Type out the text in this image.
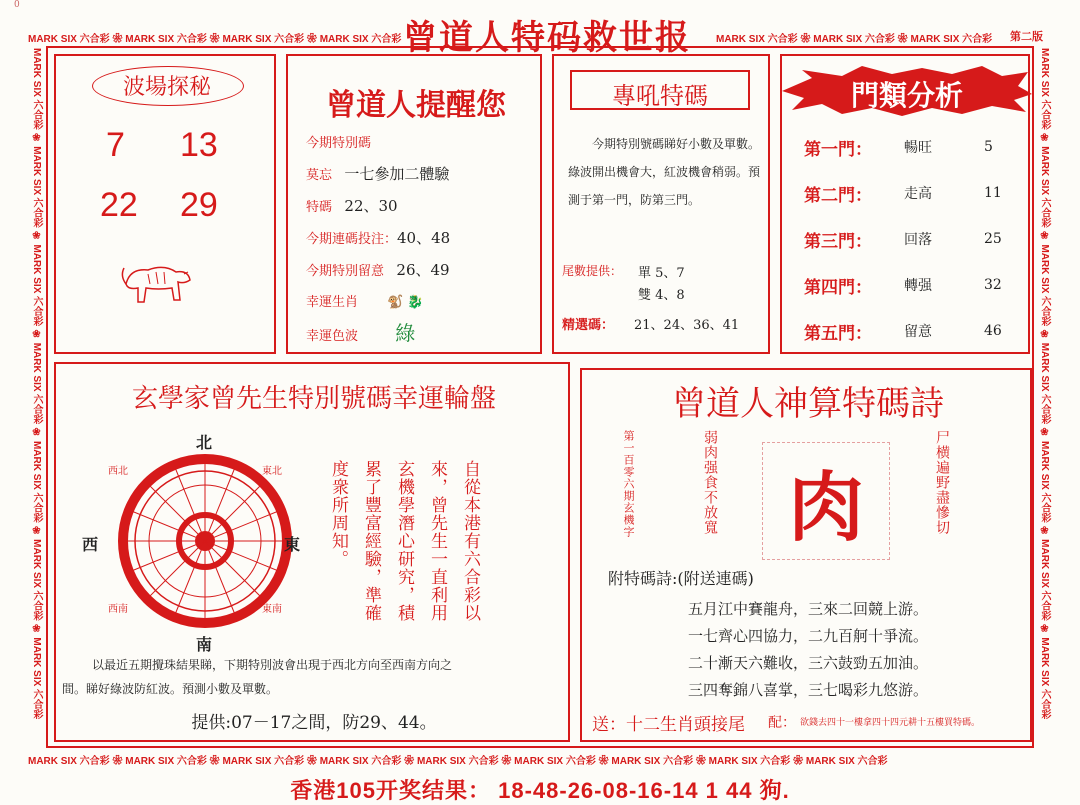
0
MARK SIX 六合彩 ❀ MARK SIX 六合彩 ❀ MARK SIX 六合彩 ❀ MARK SIX 六合彩 曾道人特码救世报	MARK SIX 六合彩 ❀ MARK SIX 六合彩 ❀ MARK SIX 六合彩	第二版
MARK SIX 六合彩 ❀ MARK SIX 六合彩 ❀ MARK SIX 六合彩 ❀ MARK SIX 六合彩 ❀ MARK SIX 六合彩 ❀ MARK SIX 六合彩 ❀ MARK SIX 六合彩
MARK SIX 六合彩 ❀ MARK SIX 六合彩 ❀ MARK SIX 六合彩 ❀ MARK SIX 六合彩 ❀ MARK SIX 六合彩 ❀ MARK SIX 六合彩 ❀ MARK SIX 六合彩
MARK SIX 六合彩 ❀ MARK SIX 六合彩 ❀ MARK SIX 六合彩 ❀ MARK SIX 六合彩 ❀ MARK SIX 六合彩 ❀ MARK SIX 六合彩 ❀ MARK SIX 六合彩 ❀ MARK SIX 六合彩 ❀ MARK SIX 六合彩
波場探秘
7 13
22 29
曾道人提醒您
今期特別碼
莫忘 一七參加二體驗
特碼 22、30
今期連碼投注：40、48
今期特別留意 26、49
幸運生肖 🐒 🐉
幸運色波 綠
專吼特碼
今期特別號碼睇好小數及單數。綠波開出機會大，紅波機會稍弱。預測于第一門，防第三門。
尾數提供： 單 5、7
雙 4、8
精選碼： 21、24、36、41
門類分析
第一門：	暢旺	5
第二門：	走高	11
第三門：	回落	25
第四門：	轉强	32
第五門：	留意	46
玄學家曾先生特別號碼幸運輪盤
北
南
東
西
西北	東北
西南	東南	自從本港有六合彩以
來，曾先生一直利用
玄機學潛心研究，積
累了豐富經驗，準確
度衆所周知。
以最近五期攪珠結果睇，下期特別波會出現于西北方向至西南方向之
間。睇好綠波防紅波。預測小數及單數。
提供:07－17之間，防29、44。
曾道人神算特碼詩
第一百零六期玄機字	弱肉强食不放寬 肉	尸横遍野盡慘切
附特碼詩:(附送連碼)
五月江中賽龍舟，三來二回競上游。
一七齊心四協力，二九百舸十爭流。
二十漸天六難收，三六鼓勁五加油。
三四奪錦八喜掌，三七喝彩九悠游。
送：十二生肖頭接尾 配： 欲錢去四十一樓拿四十四元耕十五樓買特碼。
香港105开奖结果： 18-48-26-08-16-14 1 44 狗.
